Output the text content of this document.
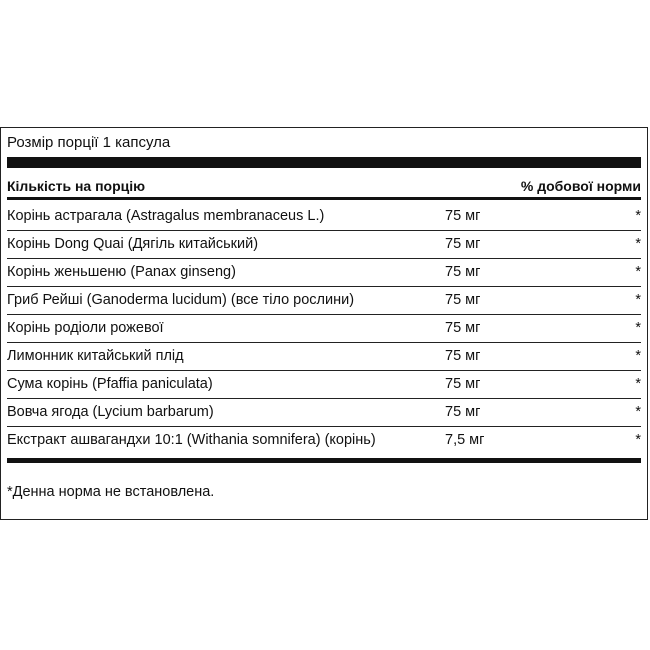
Розмір порції 1 капсула
Кількість на порцію	% добової норми
Корінь астрагала (Astragalus membranaceus L.)	75 мг	*
Корінь Dong Quai (Дягіль китайський)	75 мг	*
Корінь женьшеню (Panax ginseng)	75 мг	*
Гриб Рейші (Ganoderma lucidum) (все тіло рослини)	75 мг	*
Корінь родіоли рожевої	75 мг	*
Лимонник китайський плід	75 мг	*
Сума корінь (Pfaffia paniculata)	75 мг	*
Вовча ягода (Lycium barbarum)	75 мг	*
Екстракт ашвагандхи 10:1 (Withania somnifera) (корінь)	7,5 мг	*
*Денна норма не встановлена.
